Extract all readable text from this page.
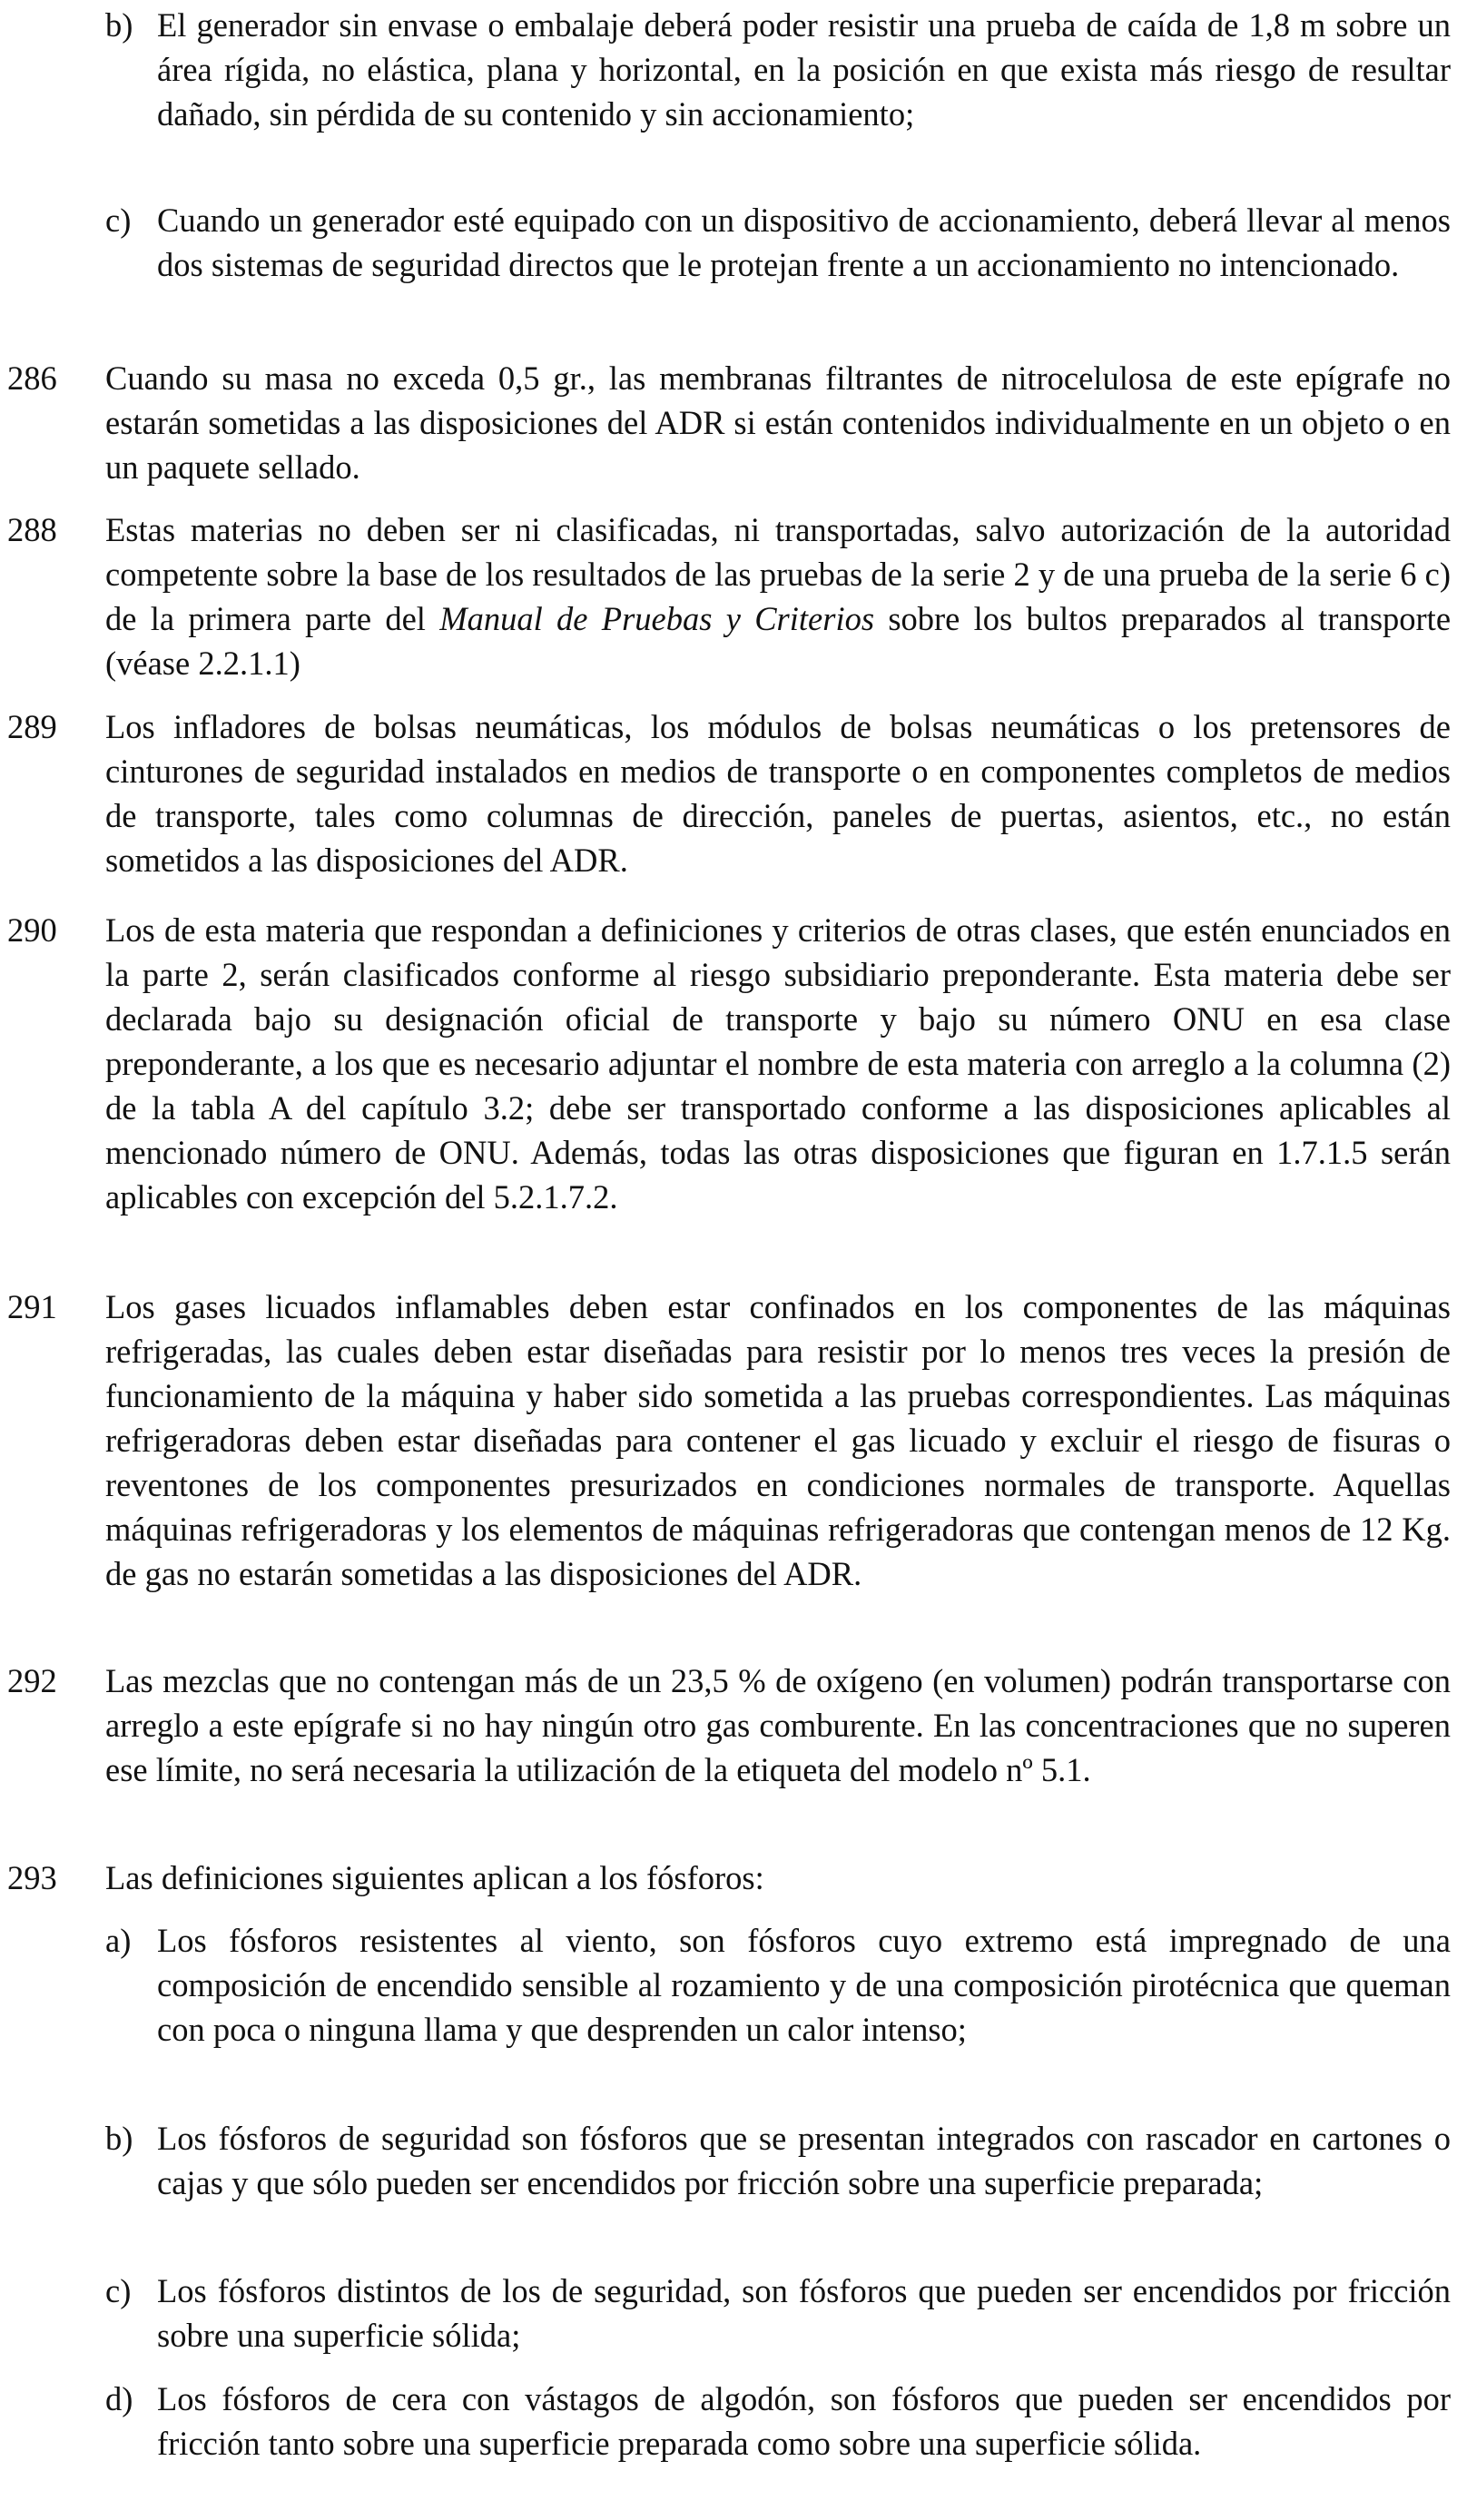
b) El generador sin envase o embalaje deberá poder resistir una prueba de caída de 1,8 m sobre un área rígida, no elástica, plana y horizontal, en la posición en que exista más riesgo de resultar dañado, sin pérdida de su contenido y sin accionamiento;
c) Cuando un generador esté equipado con un dispositivo de accionamiento, deberá llevar al menos dos sistemas de seguridad directos que le protejan frente a un accionamiento no intencionado.
286	Cuando su masa no exceda 0,5 gr., las membranas filtrantes de nitrocelulosa de este epígrafe no estarán sometidas a las disposiciones del ADR si están contenidos individualmente en un objeto o en un paquete sellado.
288	Estas materias no deben ser ni clasificadas, ni transportadas, salvo autorización de la autoridad competente sobre la base de los resultados de las pruebas de la serie 2 y de una prueba de la serie 6 c) de la primera parte del Manual de Pruebas y Criterios sobre los bultos preparados al transporte (véase 2.2.1.1)
289	Los infladores de bolsas neumáticas, los módulos de bolsas neumáticas o los pretensores de cinturones de seguridad instalados en medios de transporte o en componentes completos de medios de transporte, tales como columnas de dirección, paneles de puertas, asientos, etc., no están sometidos a las disposiciones del ADR.
290	Los de esta materia que respondan a definiciones y criterios de otras clases, que estén enunciados en la parte 2, serán clasificados conforme al riesgo subsidiario preponderante. Esta materia debe ser declarada bajo su designación oficial de transporte y bajo su número ONU en esa clase preponderante, a los que es necesario adjuntar el nombre de esta materia con arreglo a la columna (2) de la tabla A del capítulo 3.2; debe ser transportado conforme a las disposiciones aplicables al mencionado número de ONU. Además, todas las otras disposiciones que figuran en 1.7.1.5 serán aplicables con excepción del 5.2.1.7.2.
291	Los gases licuados inflamables deben estar confinados en los componentes de las máquinas refrigeradas, las cuales deben estar diseñadas para resistir por lo menos tres veces la presión de funcionamiento de la máquina y haber sido sometida a las pruebas correspondientes. Las máquinas refrigeradoras deben estar diseñadas para contener el gas licuado y excluir el riesgo de fisuras o reventones de los componentes presurizados en condiciones normales de transporte. Aquellas máquinas refrigeradoras y los elementos de máquinas refrigeradoras que contengan menos de 12 Kg. de gas no estarán sometidas a las disposiciones del ADR.
292	Las mezclas que no contengan más de un 23,5 % de oxígeno (en volumen) podrán transportarse con arreglo a este epígrafe si no hay ningún otro gas comburente. En las concentraciones que no superen ese límite, no será necesaria la utilización de la etiqueta del modelo nº 5.1.
293	Las definiciones siguientes aplican a los fósforos:
a) Los fósforos resistentes al viento, son fósforos cuyo extremo está impregnado de una composición de encendido sensible al rozamiento y de una composición pirotécnica que queman con poca o ninguna llama y que desprenden un calor intenso;
b) Los fósforos de seguridad son fósforos que se presentan integrados con rascador en cartones o cajas y que sólo pueden ser encendidos por fricción sobre una superficie preparada;
c) Los fósforos distintos de los de seguridad, son fósforos que pueden ser encendidos por fricción sobre una superficie sólida;
d) Los fósforos de cera con vástagos de algodón, son fósforos que pueden ser encendidos por fricción tanto sobre una superficie preparada como sobre una superficie sólida.
